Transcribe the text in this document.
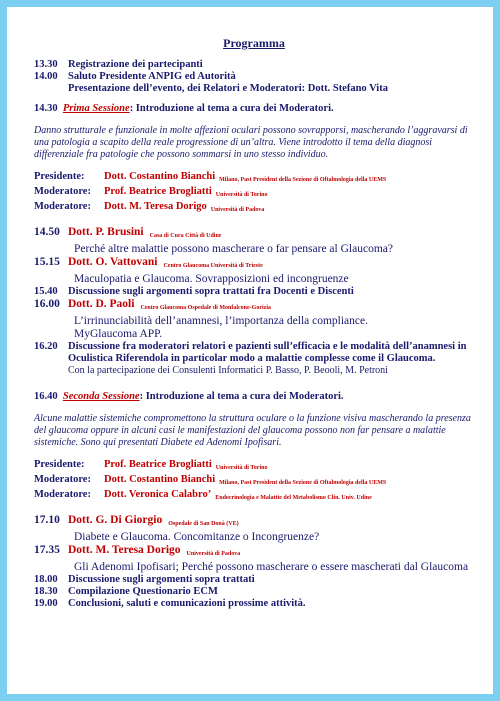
Programma
13.30 Registrazione dei partecipanti
14.00 Saluto Presidente ANPIG ed Autorità
Presentazione dell’evento, dei Relatori e Moderatori: Dott. Stefano Vita
14.30 Prima Sessione: Introduzione al tema a cura dei Moderatori.
Danno strutturale e funzionale in molte affezioni oculari possono sovrapporsi, mascherando l’aggravarsi di una patologia a scapito della reale progressione di un’altra. Viene introdotto il tema della diagnosi differenziale fra patologie che possono sommarsi in uno stesso individuo.
Presidente:	Dott. Costantino Bianchi Milano, Past President della Sezione di Oftalmologia della UEMS
Moderatore:	Prof. Beatrice Brogliatti Università di Torino
Moderatore:	Dott. M. Teresa Dorigo Università di Padova
14.50 Dott. P. Brusini Casa di Cura Città di Udine
Perché altre malattie possono mascherare o far pensare al Glaucoma?
15.15 Dott. O. Vattovani Centro Glaucoma Università di Trieste
Maculopatia e Glaucoma. Sovrapposizioni ed incongruenze
15.40 Discussione sugli argomenti sopra trattati fra Docenti e Discenti
16.00 Dott. D. Paoli Centro Glaucoma Ospedale di Monfalcone-Gorizia
L’irrinunciabilità dell’anamnesi, l’importanza della compliance.
MyGlaucoma APP.
16.20 Discussione fra moderatori relatori e pazienti sull’efficacia e le modalità dell’anamnesi in Oculistica Riferendola in particolar modo a malattie complesse come il Glaucoma.
Con la partecipazione dei Consulenti Informatici P. Basso, P. Beooli, M. Petroni
16.40 Seconda Sessione: Introduzione al tema a cura dei Moderatori.
Alcune malattie sistemiche compromettono la struttura oculare o la funzione visiva mascherando la presenza del glaucoma oppure in alcuni casi le manifestazioni del glaucoma possono non far pensare a malattie sistemiche. Sono qui presentati Diabete ed Adenomi Ipofisari.
Presidente:	Prof. Beatrice Brogliatti Università di Torino
Moderatore:	Dott. Costantino Bianchi Milano, Past President della Sezione di Oftalmologia della UEMS
Moderatore:	Dott. Veronica Calabro’ Endocrinologia e Malattie del Metabolismo Clin. Univ. Udine
17.10 Dott. G. Di Giorgio Ospedale di San Donà (VE)
Diabete e Glaucoma. Concomitanze o Incongruenze?
17.35 Dott. M. Teresa Dorigo Università di Padova
Gli Adenomi Ipofisari; Perché possono mascherare o essere mascherati dal Glaucoma
18.00 Discussione sugli argomenti sopra trattati
18.30 Compilazione Questionario ECM
19.00 Conclusioni, saluti e comunicazioni prossime attività.
